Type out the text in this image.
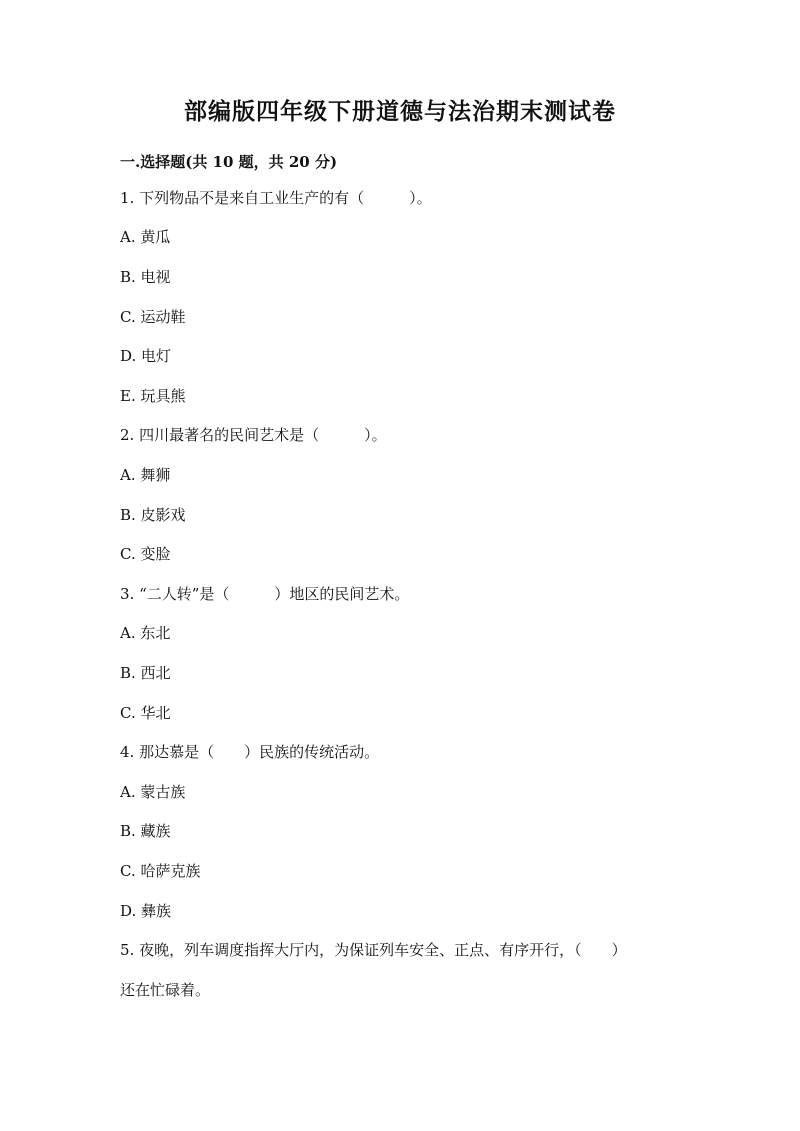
部编版四年级下册道德与法治期末测试卷
一.选择题(共 10 题，共 20 分)
1. 下列物品不是来自工业生产的有（　　　）。
A. 黄瓜
B. 电视
C. 运动鞋
D. 电灯
E. 玩具熊
2. 四川最著名的民间艺术是（　　　）。
A. 舞狮
B. 皮影戏
C. 变脸
3. “二人转”是（　　　）地区的民间艺术。
A. 东北
B. 西北
C. 华北
4. 那达慕是（　　）民族的传统活动。
A. 蒙古族
B. 藏族
C. 哈萨克族
D. 彝族
5. 夜晚，列车调度指挥大厅内，为保证列车安全、正点、有序开行，（　　）
还在忙碌着。
